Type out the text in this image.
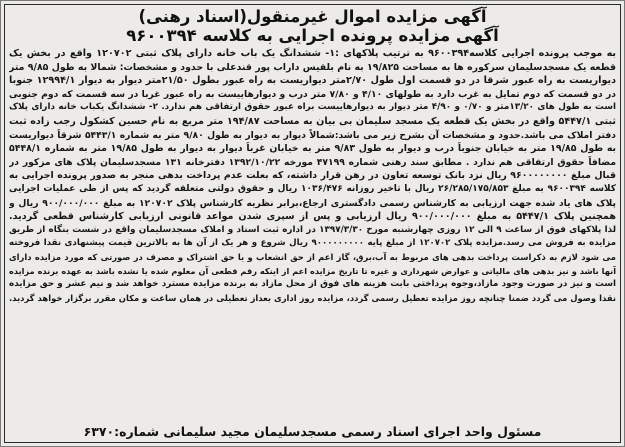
آگهی مزایده اموال غیرمنقول(اسناد رهنی)
آگهی مزایده پرونده اجرایی به کلاسه ۹۶۰۰۳۹۴
به موجب پرونده اجرایی کلاسه۹۶۰۰۳۹۴ به ترتیب پلاکهای :۱- ششدانگ یک باب خانه دارای پلاک ثبتی ۱۲۰۷۰۲ واقع در بخش یک
قطعه یک مسجدسلیمان سرکوره ها به مساحت ۱۹/۸۲۵ به نام بلقیس داراب پور قندعلی با حدود و مشخصات: شمالا به طول ۹/۸۵ متر
دیواریست به راه عبور شرقا در دو قسمت اول طول ۲/۷۰متر دیواریست به راه عبور بطول ۲۱/۵۰متر دیوار به دیوار ۱۲۹۹۴/۱ جنوبا
در دو قسمت که دوم تمایل به غرب دارد به طولهای ۴/۱۰ و ۷/۸۰ متر درب و دیوارهاییست به راه عبور غربا در سه قسمت که دوم جنوبی
است به طول های ۱۳/۲۰متر و ۰/۷۰ و ۴/۹۰ متر دیوار به دیوارهاییست براه عبور حقوق ارتفاقی هم ندارد. ۲- ششدانگ یکباب خانه دارای پلاک
ثبتی ۵۴۴۷/۱ واقع در بخش یک قطعه یک مسجد سلیمان بی بیان به مساحت ۱۹۴/۸۷ متر مربع به نام حسین کشکول رجب زاده ثبت
دفتر املاک می باشد.حدود و مشخصات آن بشرح زیر می باشد:شمالاً دیوار به دیوار به طول ۹/۸۰ متر به شماره ۵۴۴۳/۱ شرقاً دیواریست
به طول ۱۹/۸۵ متر به خیابان جنوباً درب و دیوار به طول ۹/۸۳ متر به خیابان غرباً دیوار به دیوار به طول ۱۹/۸۵ متر به شماره ۵۴۴۸/۱
مضافاً حقوق ارتفاقی هم ندارد . مطابق سند رهنی شماره ۴۷۱۹۹ مورخه ۱۳۹۲/۱۰/۲۲ دفترخانه ۱۳۱ مسجدسلیمان پلاک های مزکور در
قبال مبلغ ۹۶۰۰۰۰۰۰۰۰ ریال نزد بانک توسعه تعاون در رهن قرار داشته، که بعلت عدم پرداخت بدهی منجر به صدور پرونده اجرایی به
کلاسه ۹۶۰۰۳۹۴ به مبلغ ۲۶/۲۸۵/۱۷۵/۸۵۳ ریال با تاخیر روزانه ۱۰۳۶/۴۷۶ ریال و حقوق دولتی متعلقه گردید که پس از طی عملیات اجرایی
پلاک های یاد شده جهت ارزیابی به کارشناس رسمی دادگستری ارجاع،برابر نظریه کارشناس پلاک ۱۲۰۷۰۲ به مبلغ ۹۰۰/۰۰۰/۰۰۰ ریال و
همچنین پلاک ۵۴۴۷/۱ به مبلغ ۹۰۰/۰۰۰/۰۰۰ ریال ارزیابی و پس از سپری شدن مواعد قانونی ارزیابی کارشناس قطعی گردید.
لذا پلاکهای فوق از ساعت ۹ الی ۱۲ روزی چهارشنبه مورخ ۱۳۹۷/۳/۳۰ در اداره ثبت اسناد و املاک مسجدسلیمان واقع در شست بنگاه از طریق
مزایده به فروش می رسد.مزایده پلاک ۱۲۰۷۰۲ از مبلغ پایه ۹۰۰۰۰۰۰۰۰۰ ریال شروع و هر یک از آن ها به بالاترین قیمت پیشنهادی نقدا فروخته
می شود لازم به ذکراست پرداخت بدهی های مربوط به آب،برق، گاز اعم از حق انشعاب و یا حق اشتراک و مصرف در صورتی که مورد مزایده دارای
آنها باشد و نیز بدهی های مالیاتی و عوارض شهرداری و غیره تا تاریخ مزایده اعم از اینکه رقم قطعی آن معلوم شده یا نشده باشد به عهده برنده مزایده
است و نیز در صورت وجود مازاد،وجوه پرداختی بابت هزینه های فوق از محل مازاد به برنده مزایده مسترد خواهد شد و نیم عشر و حق مزایده
نقدا وصول می گردد ضمنا چنانچه روز مزایده تعطیل رسمی گردد، مزایده روز اداری بعداز تعطیلی در همان ساعت و مکان مقرر برگزار خواهد گردید.
مسئول واحد اجرای اسناد رسمی مسجدسلیمان مجید سلیمانی شماره:۶۳۷۰
